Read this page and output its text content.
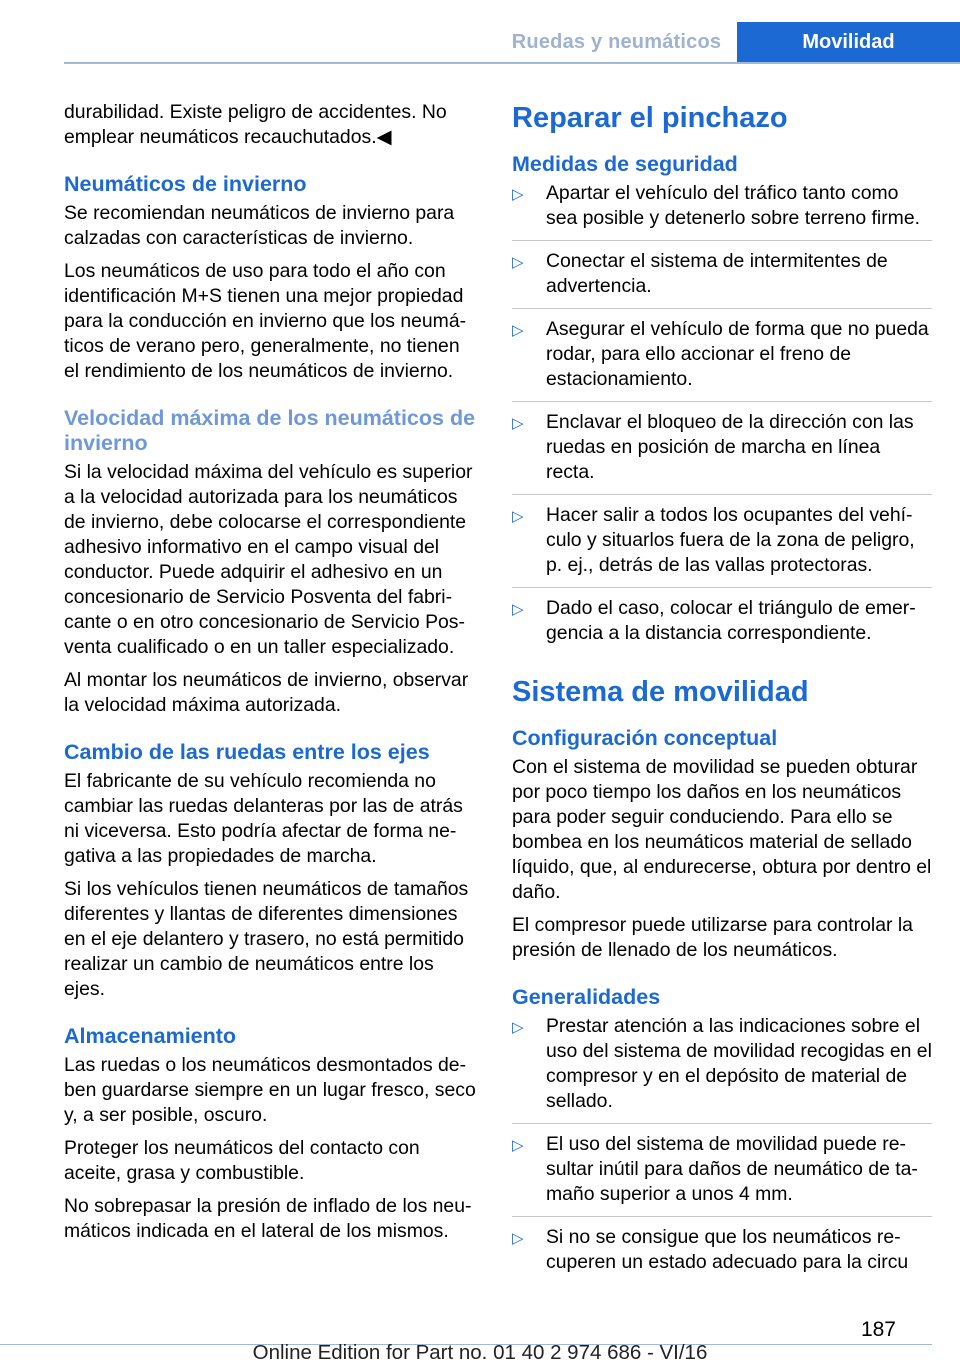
Ruedas y neumáticos	Movilidad

durabilidad. Existe peligro de accidentes. No emplear neumáticos recauchutados.◀

Neumáticos de invierno

Se recomiendan neumáticos de invierno para calzadas con características de invierno.

Los neumáticos de uso para todo el año con identificación M+S tienen una mejor propiedad para la conducción en invierno que los neumáticos de verano pero, generalmente, no tienen el rendimiento de los neumáticos de invierno.

Velocidad máxima de los neumáticos de invierno

Si la velocidad máxima del vehículo es superior a la velocidad autorizada para los neumáticos de invierno, debe colocarse el correspondiente adhesivo informativo en el campo visual del conductor. Puede adquirir el adhesivo en un concesionario de Servicio Posventa del fabricante o en otro concesionario de Servicio Posventa cualificado o en un taller especializado.

Al montar los neumáticos de invierno, observar la velocidad máxima autorizada.

Cambio de las ruedas entre los ejes

El fabricante de su vehículo recomienda no cambiar las ruedas delanteras por las de atrás ni viceversa. Esto podría afectar de forma negativa a las propiedades de marcha.

Si los vehículos tienen neumáticos de tamaños diferentes y llantas de diferentes dimensiones en el eje delantero y trasero, no está permitido realizar un cambio de neumáticos entre los ejes.

Almacenamiento

Las ruedas o los neumáticos desmontados deben guardarse siempre en un lugar fresco, seco y, a ser posible, oscuro.

Proteger los neumáticos del contacto con aceite, grasa y combustible.

No sobrepasar la presión de inflado de los neumáticos indicada en el lateral de los mismos.

Reparar el pinchazo
Medidas de seguridad
▷ Apartar el vehículo del tráfico tanto como sea posible y detenerlo sobre terreno firme.
▷ Conectar el sistema de intermitentes de advertencia.
▷ Asegurar el vehículo de forma que no pueda rodar, para ello accionar el freno de estacionamiento.
▷ Enclavar el bloqueo de la dirección con las ruedas en posición de marcha en línea recta.
▷ Hacer salir a todos los ocupantes del vehículo y situarlos fuera de la zona de peligro, p. ej., detrás de las vallas protectoras.
▷ Dado el caso, colocar el triángulo de emergencia a la distancia correspondiente.
Sistema de movilidad
Configuración conceptual

Con el sistema de movilidad se pueden obturar por poco tiempo los daños en los neumáticos para poder seguir conduciendo. Para ello se bombea en los neumáticos material de sellado líquido, que, al endurecerse, obtura por dentro el daño.

El compresor puede utilizarse para controlar la presión de llenado de los neumáticos.

Generalidades
▷ Prestar atención a las indicaciones sobre el uso del sistema de movilidad recogidas en el compresor y en el depósito de material de sellado.
▷ El uso del sistema de movilidad puede resultar inútil para daños de neumático de tamaño superior a unos 4 mm.
▷ Si no se consigue que los neumáticos recuperen un estado adecuado para la circu
187
Online Edition for Part no. 01 40 2 974 686 - VI/16
